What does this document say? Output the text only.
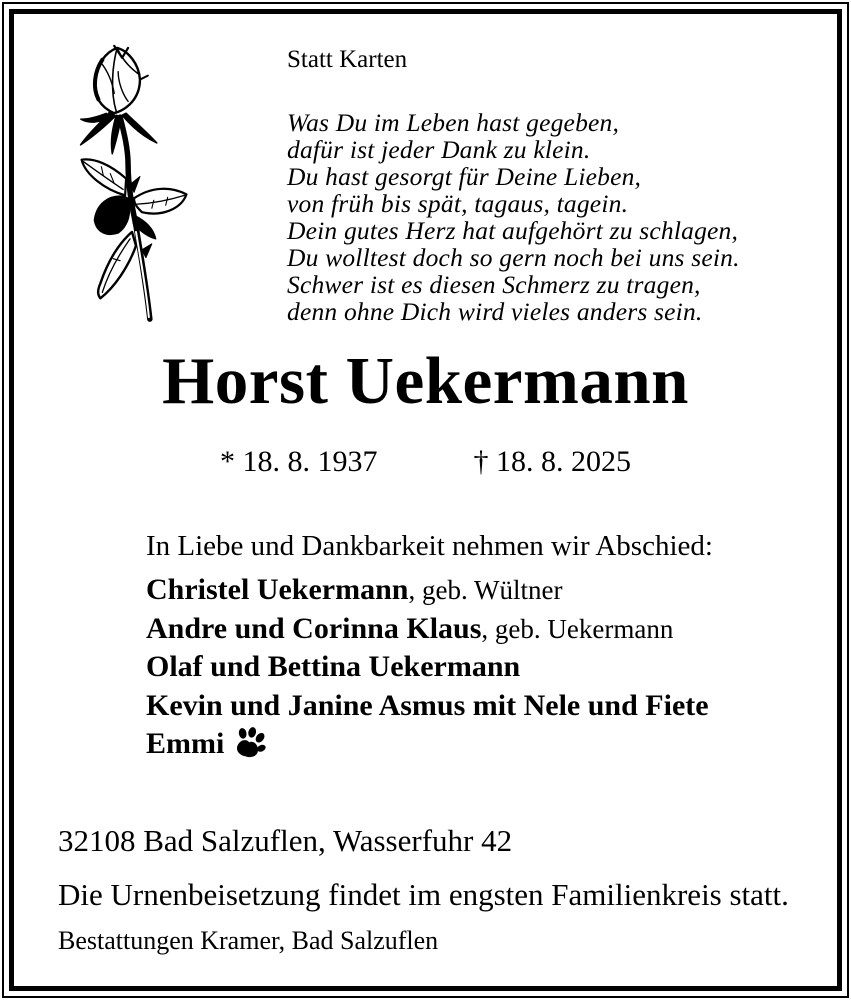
Statt Karten
Was Du im Leben hast gegeben,
dafür ist jeder Dank zu klein.
Du hast gesorgt für Deine Lieben,
von früh bis spät, tagaus, tagein.
Dein gutes Herz hat aufgehört zu schlagen,
Du wolltest doch so gern noch bei uns sein.
Schwer ist es diesen Schmerz zu tragen,
denn ohne Dich wird vieles anders sein.
Horst Uekermann
* 18. 8. 1937	† 18. 8. 2025
In Liebe und Dankbarkeit nehmen wir Abschied:
Christel Uekermann, geb. Wültner
Andre und Corinna Klaus, geb. Uekermann
Olaf und Bettina Uekermann
Kevin und Janine Asmus mit Nele und Fiete
Emmi
32108 Bad Salzuflen, Wasserfuhr 42
Die Urnenbeisetzung findet im engsten Familienkreis statt.
Bestattungen Kramer, Bad Salzuflen
